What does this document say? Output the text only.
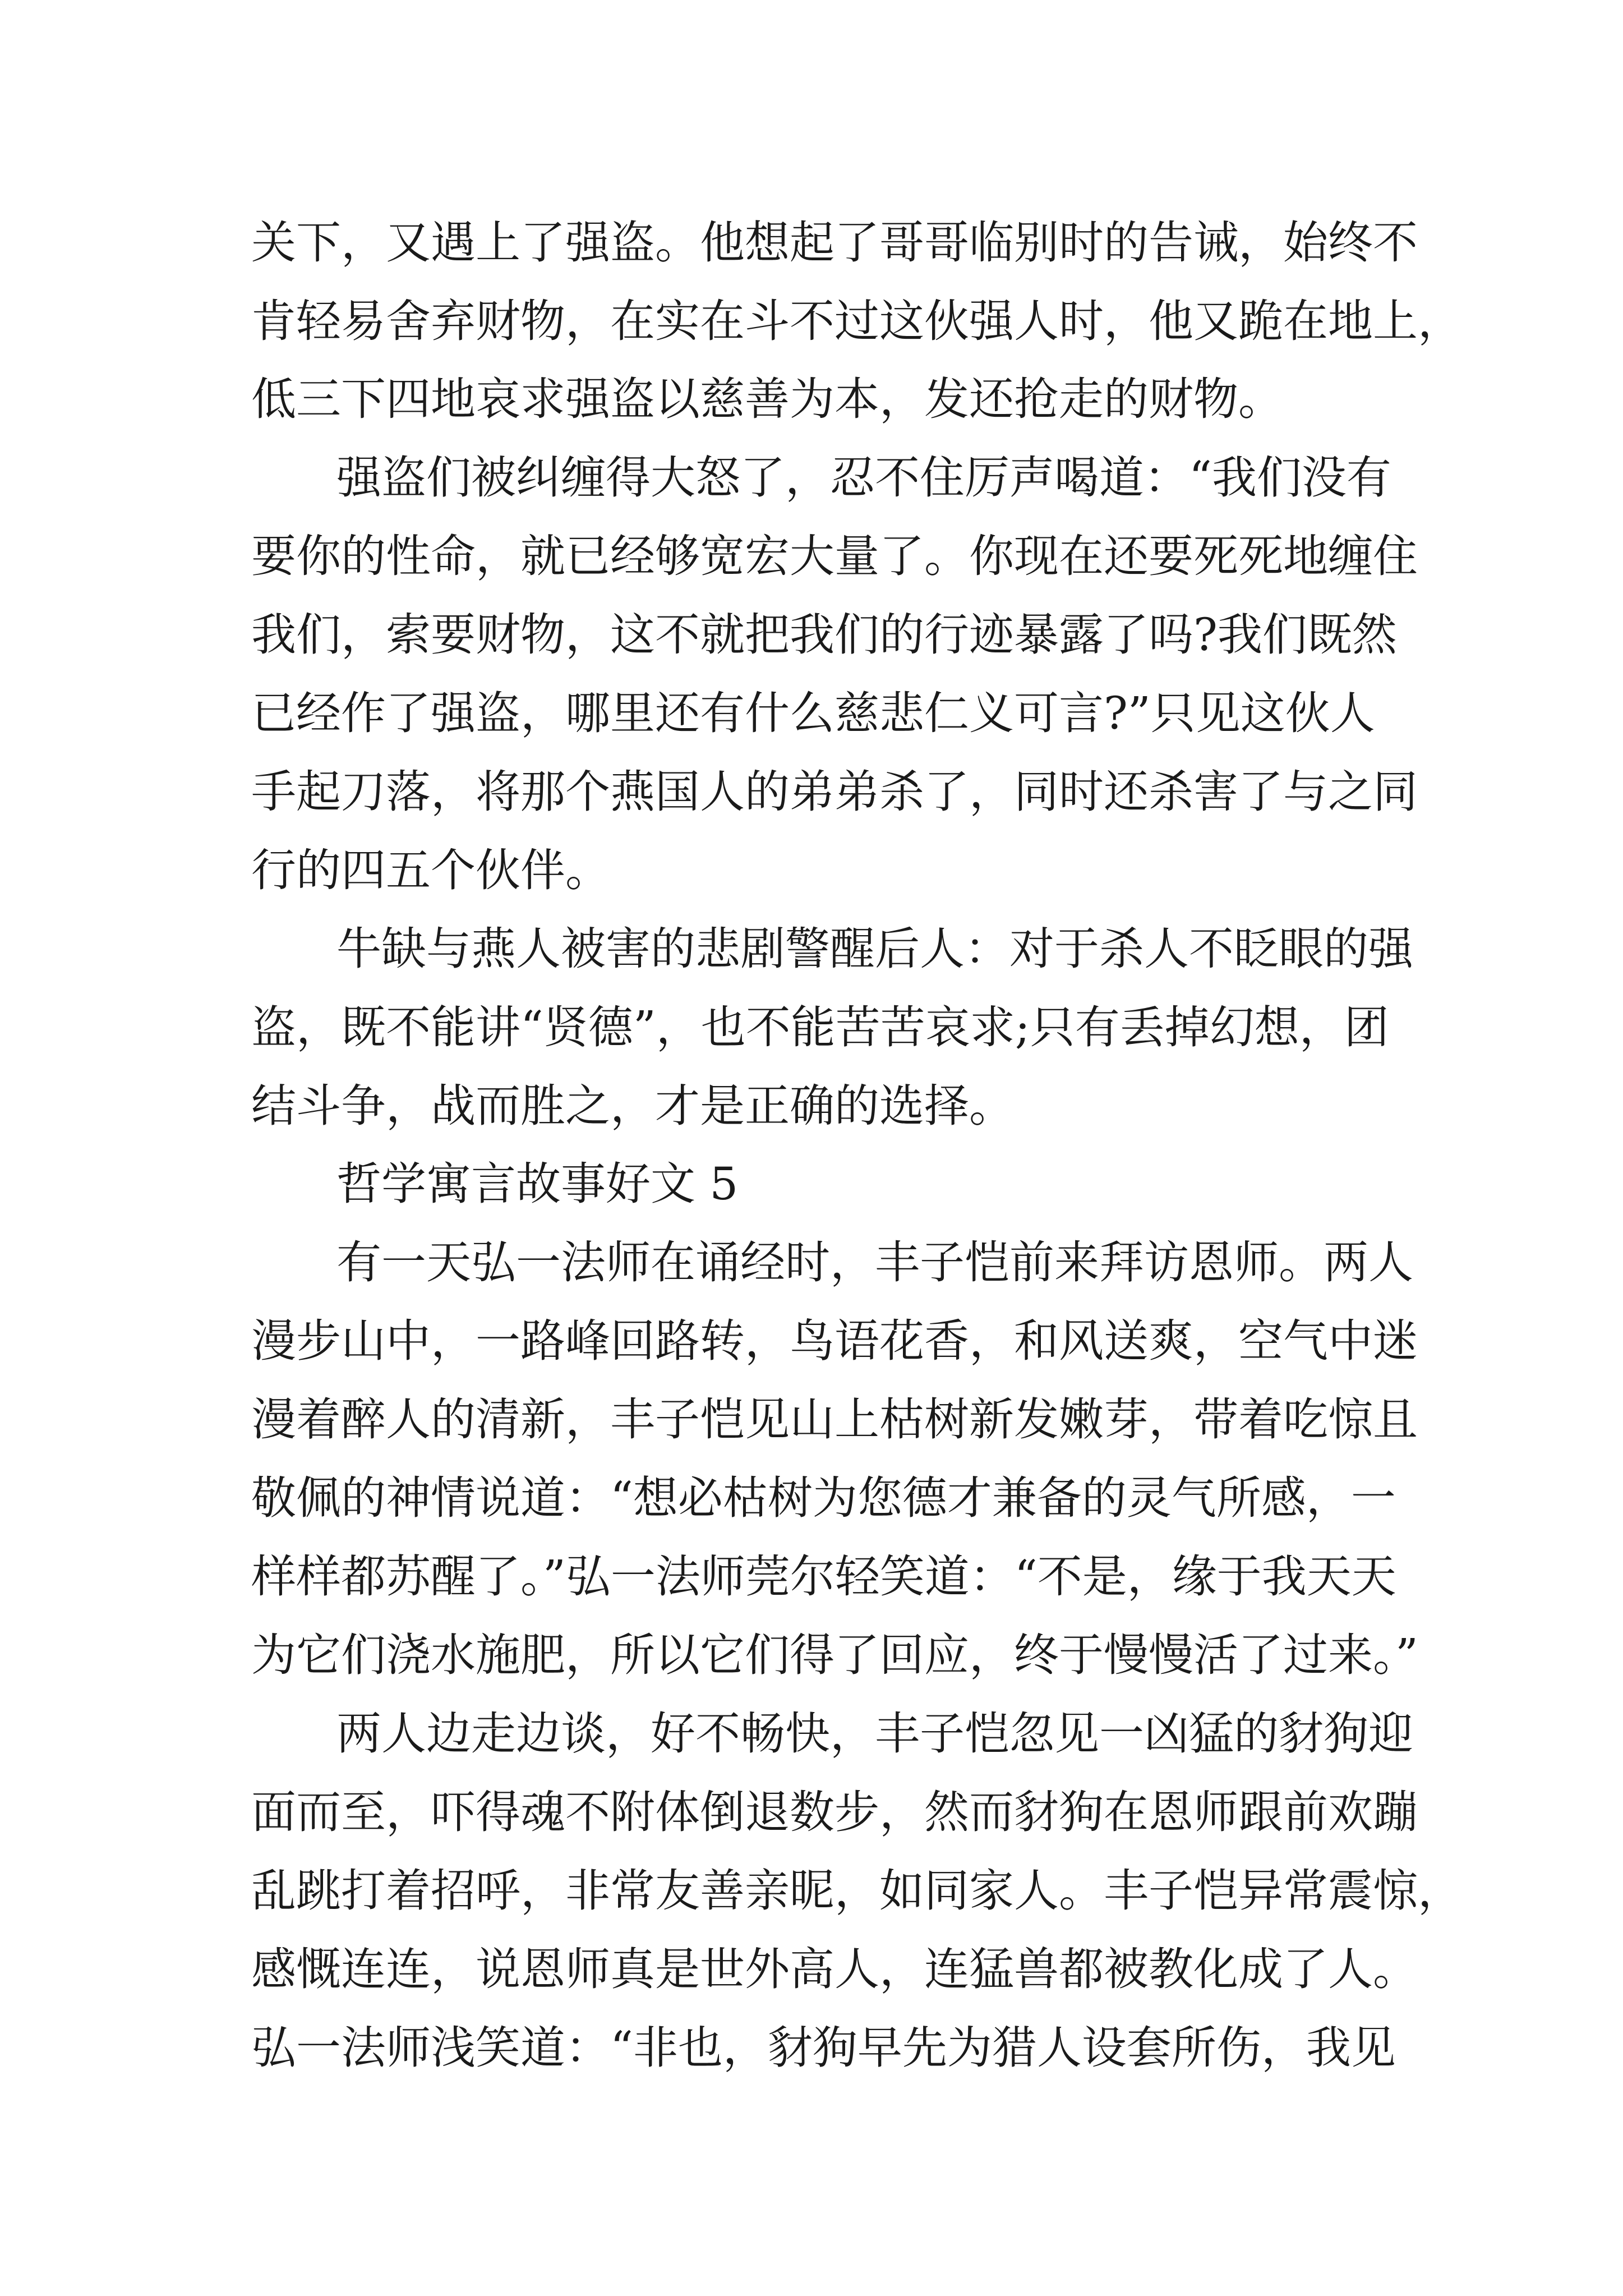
关下，又遇上了强盗。他想起了哥哥临别时的告诫，始终不
肯轻易舍弃财物，在实在斗不过这伙强人时，他又跪在地上，
低三下四地哀求强盗以慈善为本，发还抢走的财物。
强盗们被纠缠得大怒了，忍不住厉声喝道：“我们没有
要你的性命，就已经够宽宏大量了。你现在还要死死地缠住
我们，索要财物，这不就把我们的行迹暴露了吗?我们既然
已经作了强盗，哪里还有什么慈悲仁义可言?”只见这伙人
手起刀落，将那个燕国人的弟弟杀了，同时还杀害了与之同
行的四五个伙伴。
牛缺与燕人被害的悲剧警醒后人：对于杀人不眨眼的强
盗，既不能讲“贤德”，也不能苦苦哀求;只有丢掉幻想，团
结斗争，战而胜之，才是正确的选择。
哲学寓言故事好文 5
有一天弘一法师在诵经时，丰子恺前来拜访恩师。两人
漫步山中，一路峰回路转，鸟语花香，和风送爽，空气中迷
漫着醉人的清新，丰子恺见山上枯树新发嫩芽，带着吃惊且
敬佩的神情说道：“想必枯树为您德才兼备的灵气所感，一
样样都苏醒了。”弘一法师莞尔轻笑道：“不是，缘于我天天
为它们浇水施肥，所以它们得了回应，终于慢慢活了过来。”
两人边走边谈，好不畅快，丰子恺忽见一凶猛的豺狗迎
面而至，吓得魂不附体倒退数步，然而豺狗在恩师跟前欢蹦
乱跳打着招呼，非常友善亲昵，如同家人。丰子恺异常震惊，
感慨连连，说恩师真是世外高人，连猛兽都被教化成了人。
弘一法师浅笑道：“非也，豺狗早先为猎人设套所伤，我见
